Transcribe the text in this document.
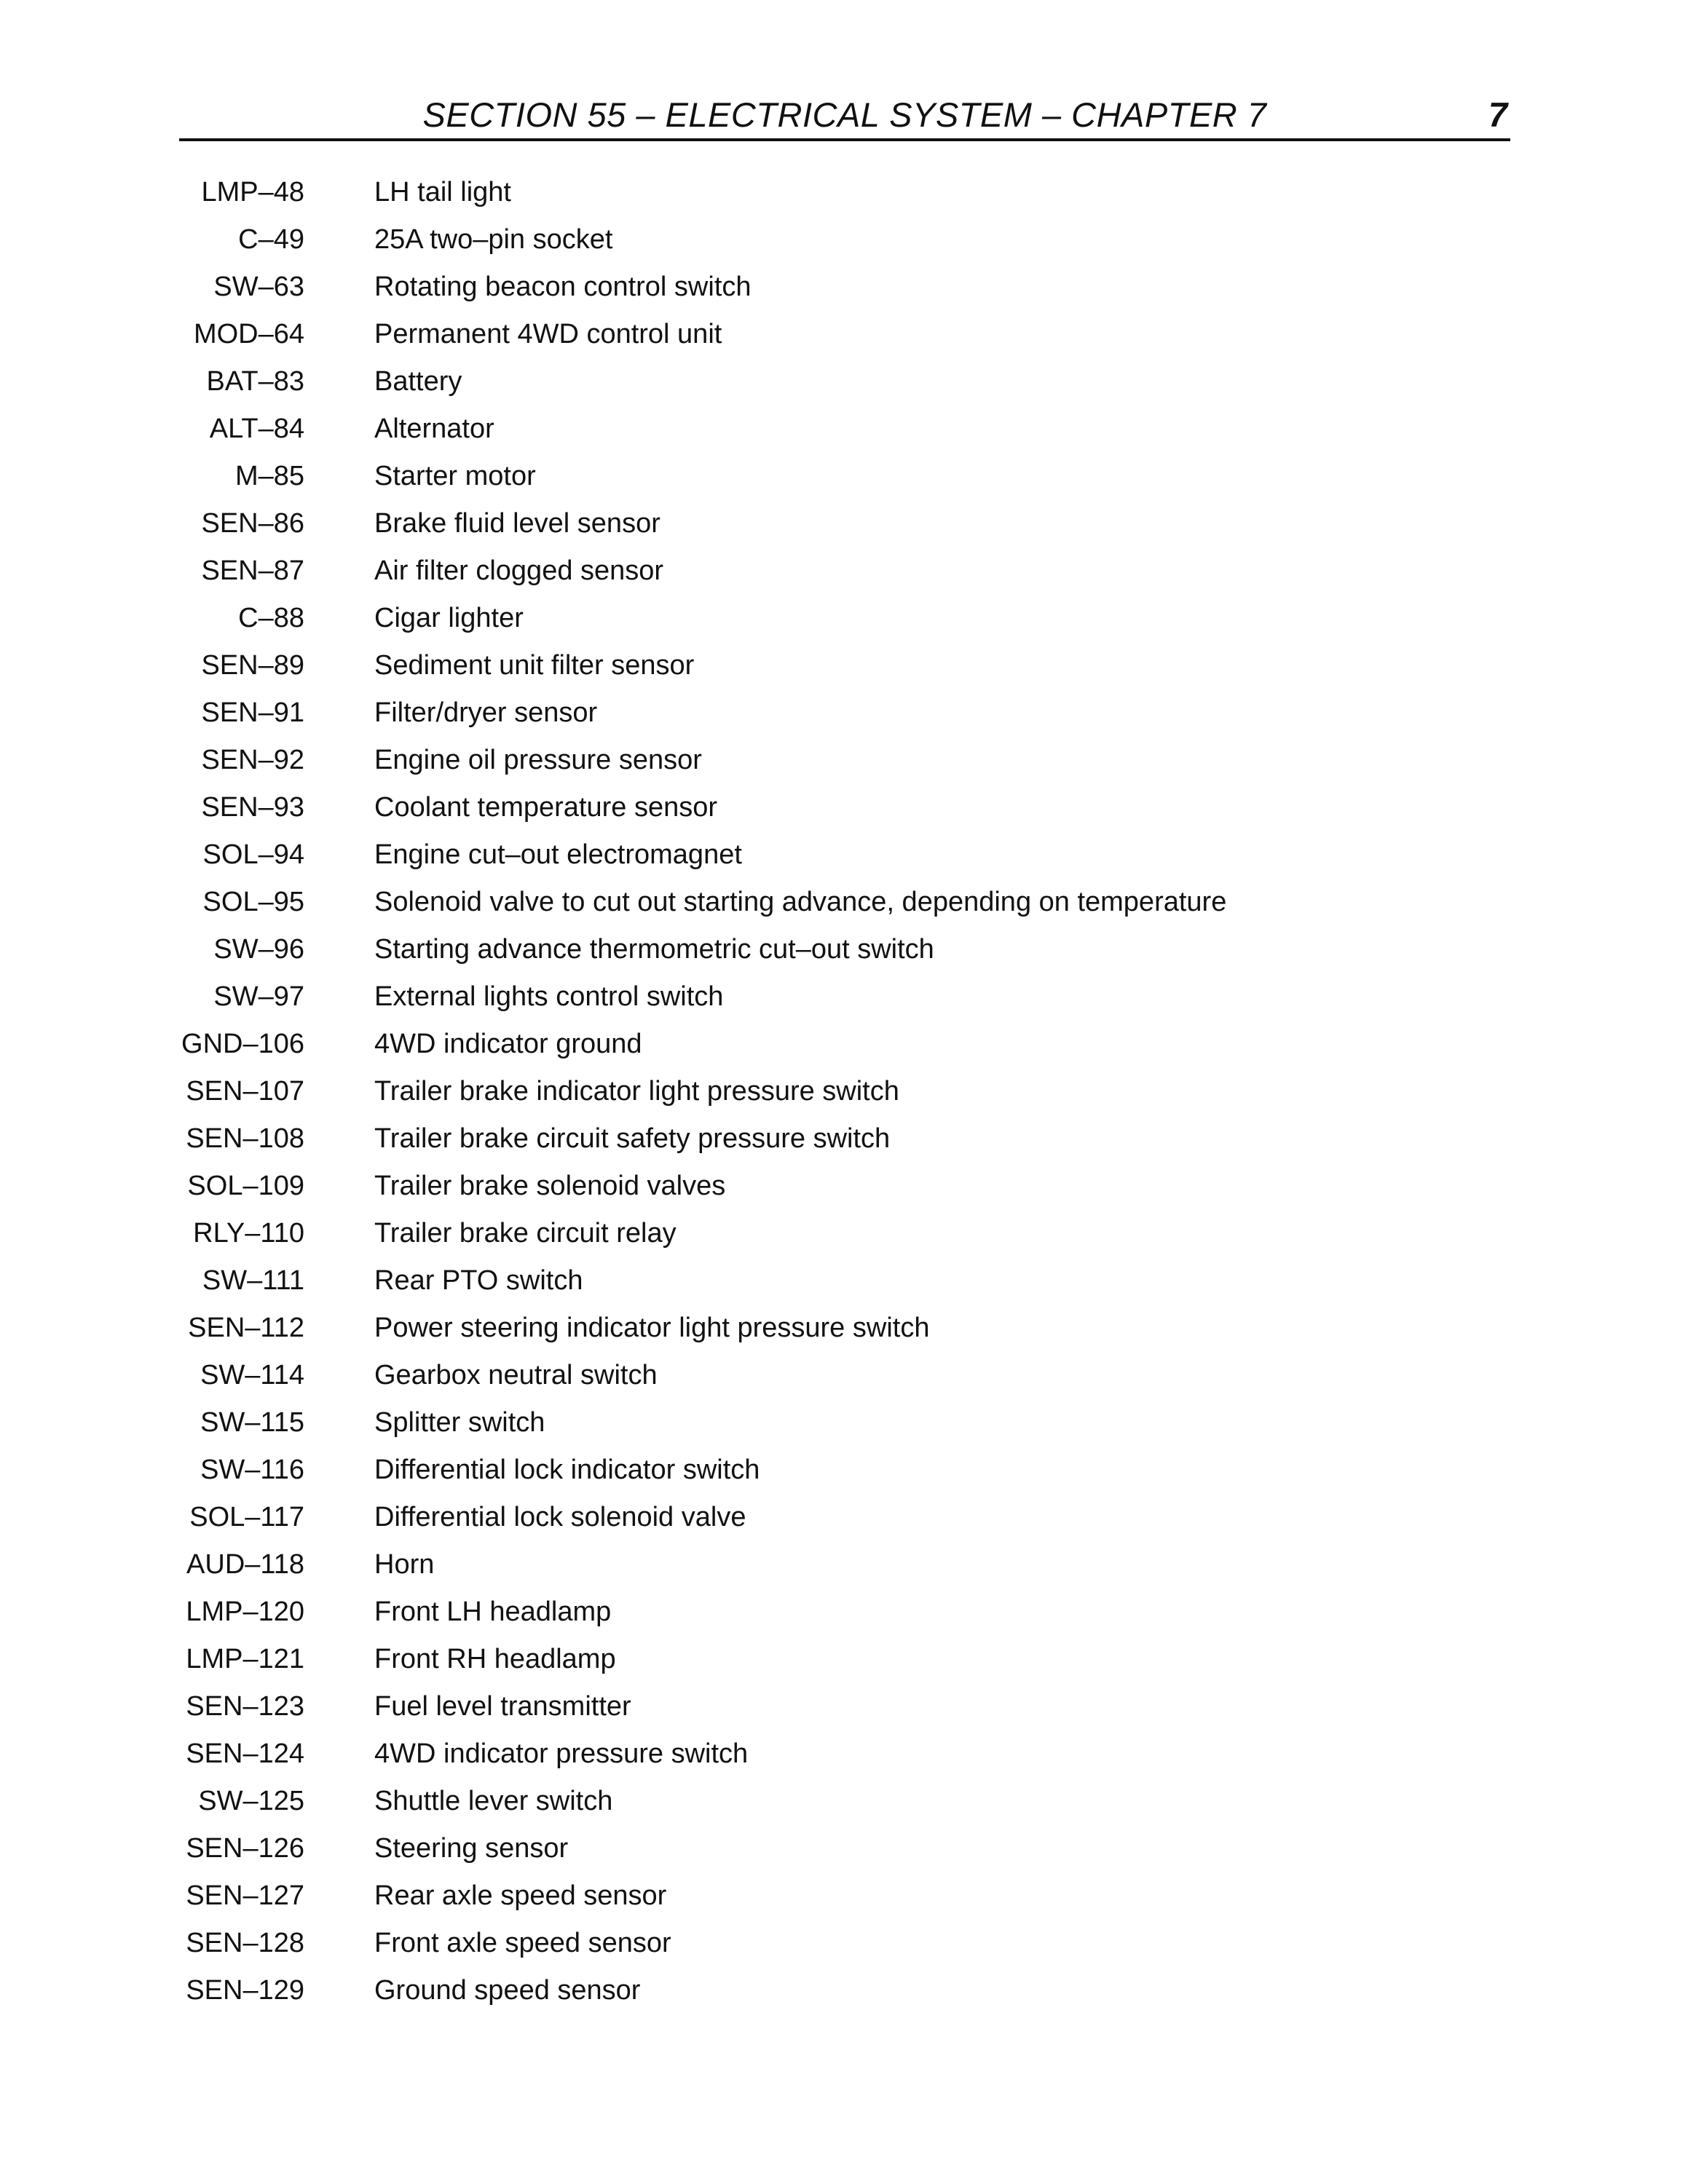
SECTION 55 – ELECTRICAL SYSTEM – CHAPTER 7	7
LMP–48	LH tail light
C–49	25A two–pin socket
SW–63	Rotating beacon control switch
MOD–64	Permanent 4WD control unit
BAT–83	Battery
ALT–84	Alternator
M–85	Starter motor
SEN–86	Brake fluid level sensor
SEN–87	Air filter clogged sensor
C–88	Cigar lighter
SEN–89	Sediment unit filter sensor
SEN–91	Filter/dryer sensor
SEN–92	Engine oil pressure sensor
SEN–93	Coolant temperature sensor
SOL–94	Engine cut–out electromagnet
SOL–95	Solenoid valve to cut out starting advance, depending on temperature
SW–96	Starting advance thermometric cut–out switch
SW–97	External lights control switch
GND–106	4WD indicator ground
SEN–107	Trailer brake indicator light pressure switch
SEN–108	Trailer brake circuit safety pressure switch
SOL–109	Trailer brake solenoid valves
RLY–110	Trailer brake circuit relay
SW–111	Rear PTO switch
SEN–112	Power steering indicator light pressure switch
SW–114	Gearbox neutral switch
SW–115	Splitter switch
SW–116	Differential lock indicator switch
SOL–117	Differential lock solenoid valve
AUD–118	Horn
LMP–120	Front LH headlamp
LMP–121	Front RH headlamp
SEN–123	Fuel level transmitter
SEN–124	4WD indicator pressure switch
SW–125	Shuttle lever switch
SEN–126	Steering sensor
SEN–127	Rear axle speed sensor
SEN–128	Front axle speed sensor
SEN–129	Ground speed sensor
